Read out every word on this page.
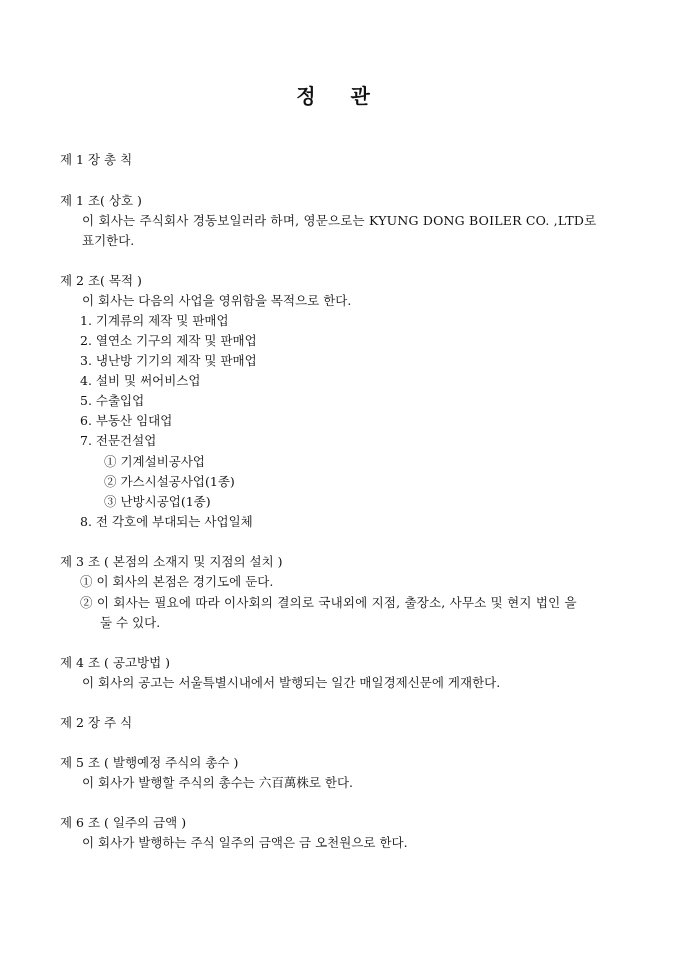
정 관
제 1 장 총 칙
제 1 조( 상호 )
이 회사는 주식회사 경동보일러라 하며, 영문으로는 KYUNG DONG BOILER CO. ,LTD로
표기한다.
제 2 조( 목적 )
이 회사는 다음의 사업을 영위함을 목적으로 한다.
1. 기계류의 제작 및 판매업
2. 열연소 기구의 제작 및 판매업
3. 냉난방 기기의 제작 및 판매업
4. 설비 및 써어비스업
5. 수출입업
6. 부동산 임대업
7. 전문건설업
① 기계설비공사업
② 가스시설공사업(1종)
③ 난방시공업(1종)
8. 전 각호에 부대되는 사업일체
제 3 조 ( 본점의 소재지 및 지점의 설치 )
① 이 회사의 본점은 경기도에 둔다.
② 이 회사는 필요에 따라 이사회의 결의로 국내외에 지점, 출장소, 사무소 및 현지 법인 을
둘 수 있다.
제 4 조 ( 공고방법 )
이 회사의 공고는 서울특별시내에서 발행되는 일간 매일경제신문에 게재한다.
제 2 장 주 식
제 5 조 ( 발행예정 주식의 총수 )
이 회사가 발행할 주식의 총수는 六百萬株로 한다.
제 6 조 ( 일주의 금액 )
이 회사가 발행하는 주식 일주의 금액은 금 오천원으로 한다.
